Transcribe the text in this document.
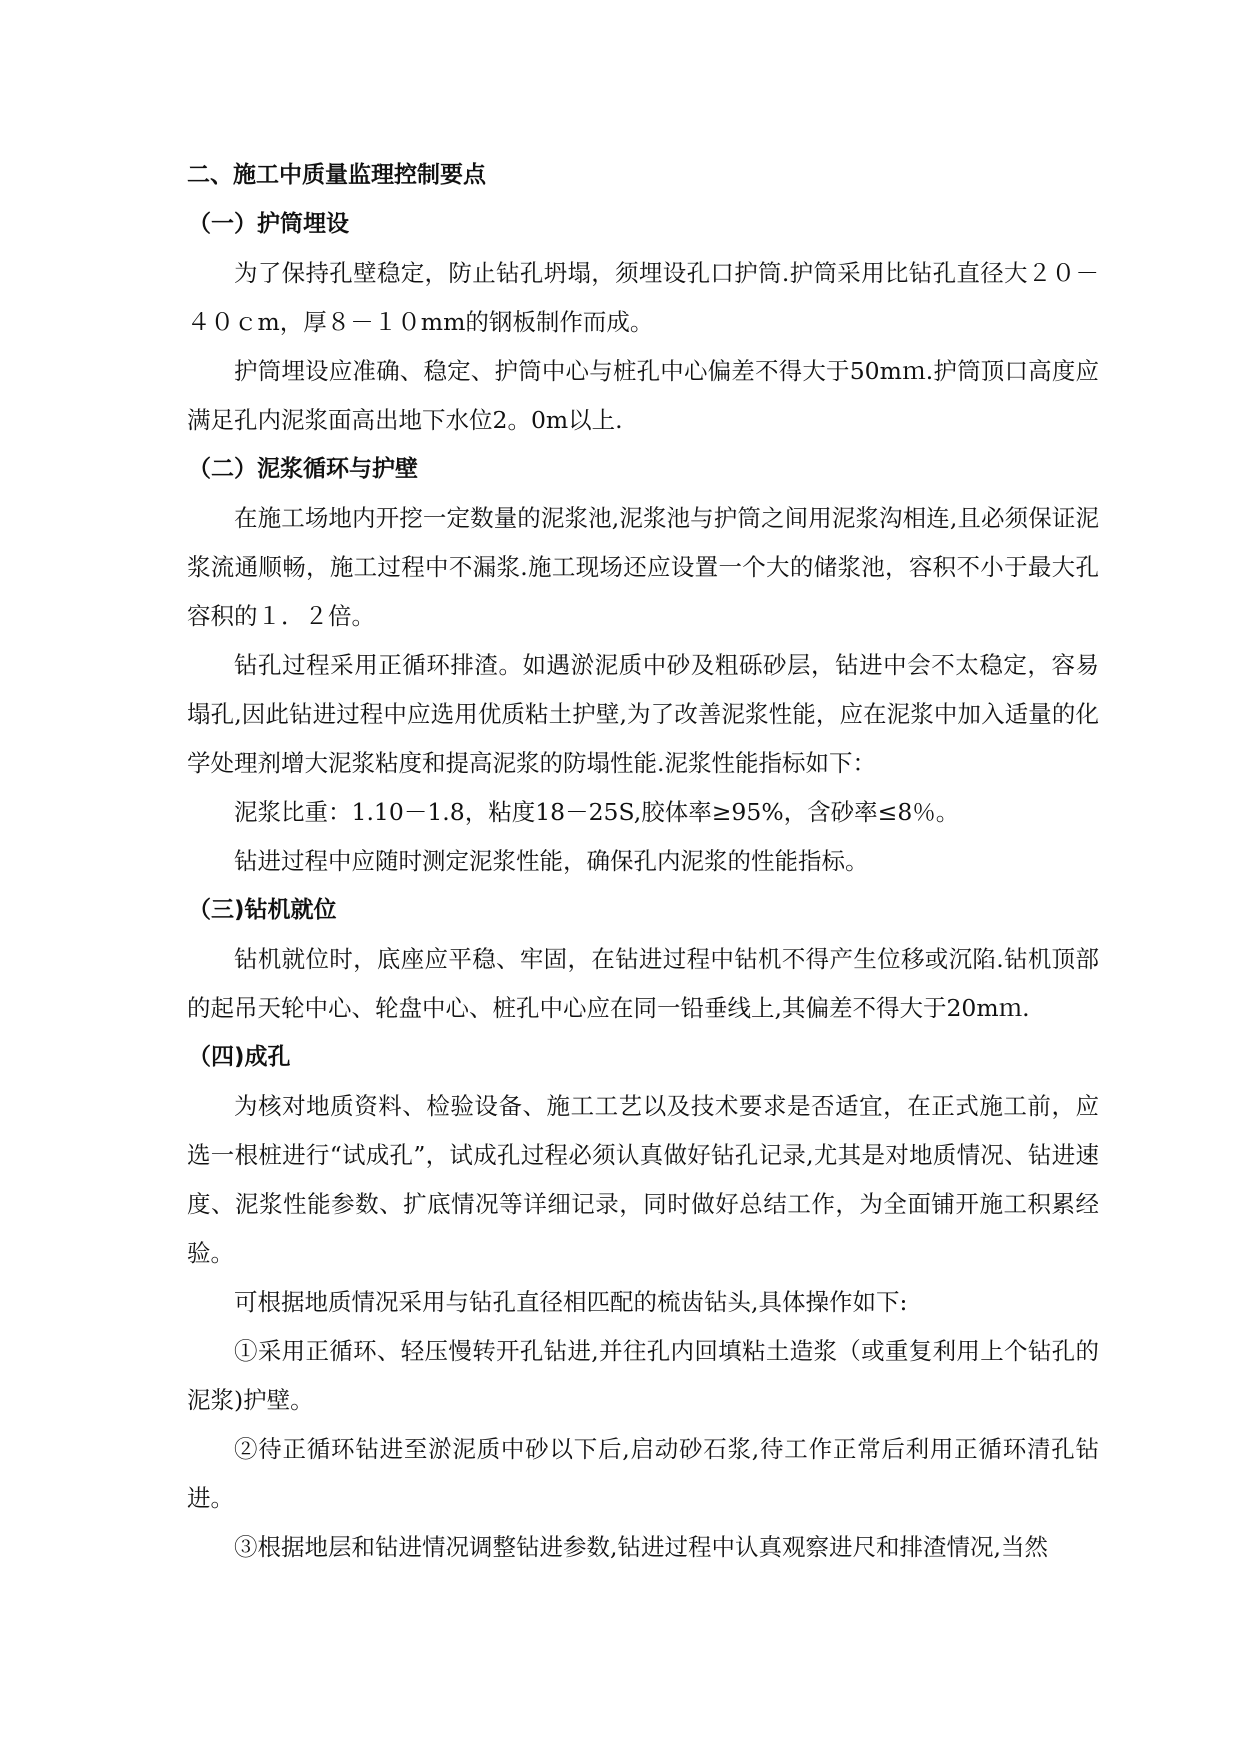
二、施工中质量监理控制要点
（一）护筒埋设

为了保持孔壁稳定，防止钻孔坍塌，须埋设孔口护筒.护筒采用比钻孔直径大２０－４０ｃm，厚８－１０mm的钢板制作而成。

护筒埋设应准确、稳定、护筒中心与桩孔中心偏差不得大于50mｍ.护筒顶口高度应满足孔内泥浆面高出地下水位2。0m以上.

（二）泥浆循环与护壁

在施工场地内开挖一定数量的泥浆池,泥浆池与护筒之间用泥浆沟相连,且必须保证泥浆流通顺畅，施工过程中不漏浆.施工现场还应设置一个大的储浆池，容积不小于最大孔容积的１．２倍。

钻孔过程采用正循环排渣。如遇淤泥质中砂及粗砾砂层，钻进中会不太稳定，容易塌孔,因此钻进过程中应选用优质粘土护壁,为了改善泥浆性能，应在泥浆中加入适量的化学处理剂增大泥浆粘度和提高泥浆的防塌性能.泥浆性能指标如下：

泥浆比重：1.10－1.8，粘度18－25S,胶体率≥95%，含砂率≤8％。

钻进过程中应随时测定泥浆性能，确保孔内泥浆的性能指标。

（三)钻机就位

钻机就位时，底座应平稳、牢固，在钻进过程中钻机不得产生位移或沉陷.钻机顶部的起吊天轮中心、轮盘中心、桩孔中心应在同一铅垂线上,其偏差不得大于20mｍ.

（四)成孔

为核对地质资料、检验设备、施工工艺以及技术要求是否适宜，在正式施工前，应选一根桩进行“试成孔”，试成孔过程必须认真做好钻孔记录,尤其是对地质情况、钻进速度、泥浆性能参数、扩底情况等详细记录，同时做好总结工作，为全面铺开施工积累经验。

可根据地质情况采用与钻孔直径相匹配的梳齿钻头,具体操作如下:

①采用正循环、轻压慢转开孔钻进,并往孔内回填粘土造浆（或重复利用上个钻孔的泥浆)护壁。

②待正循环钻进至淤泥质中砂以下后,启动砂石浆,待工作正常后利用正循环清孔钻进。

③根据地层和钻进情况调整钻进参数,钻进过程中认真观察进尺和排渣情况,当然
